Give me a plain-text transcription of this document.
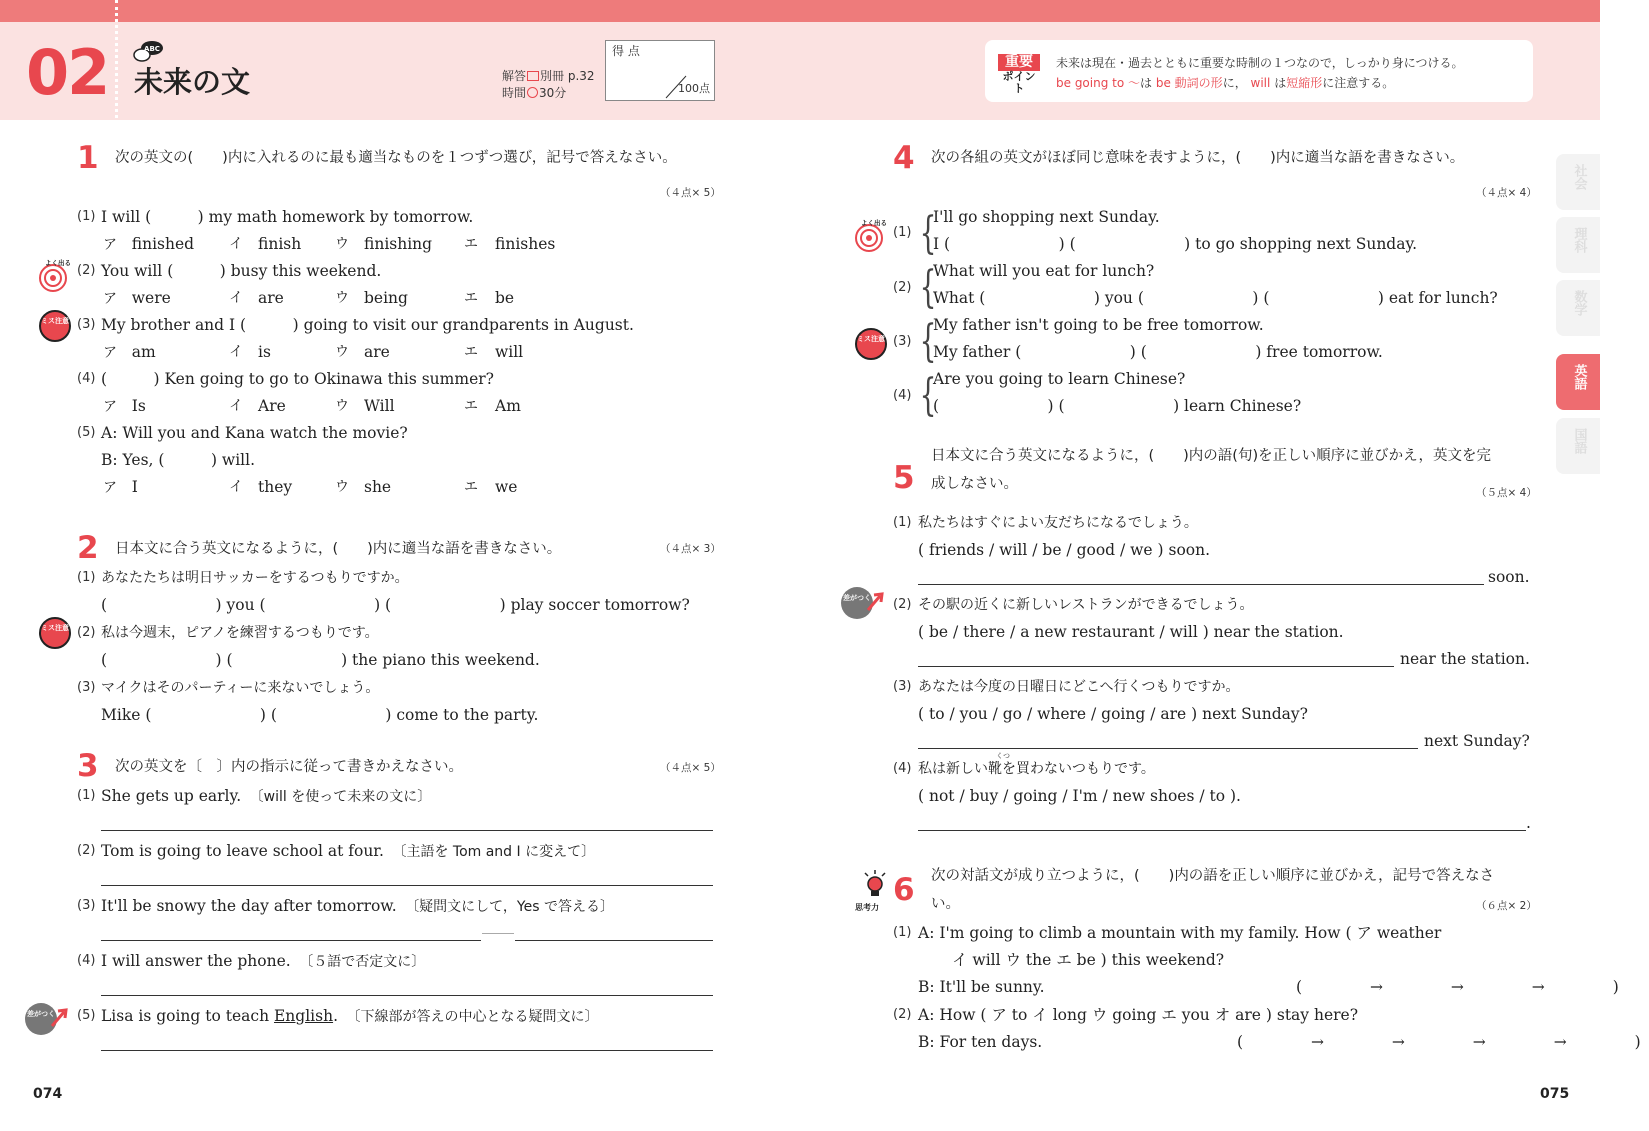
02	ABC
未来の文	解答 別冊 p.32
時間 30分
得 点
100点
重要
ポイント
未来は現在・過去とともに重要な時制の１つなので，しっかり身につける。
be going to ～は be 動詞の形に， will は短縮形に注意する。
社会
理科
数学
英語
国語
1 次の英文の(　　)内に入れるのに最も適当なものを１つずつ選び，記号で答えなさい。
（４点× 5）
よく出る
ミス注意
(1) I will (　　　) my math homework by tomorrow.
ア finished イ finish ウ finishing エ finishes
(2) You will (　　　) busy this weekend.
ア were	イ are	ウ being	エ be
(3) My brother and I (　　　) going to visit our grandparents in August.
ア am	イ is	ウ are	エ will
(4) (　　　) Ken going to go to Okinawa this summer?
ア Is	イ Are	ウ Will	エ Am
(5) A: Will you and Kana watch the movie?
B: Yes, (　　　) will.
ア I	イ they	ウ she	エ we
2 日本文に合う英文になるように，(　　)内に適当な語を書きなさい。	（４点× 3）
ミス注意
(1) あなたたちは明日サッカーをするつもりですか。
(　　　　　　　) you (　　　　　　　) (　　　　　　　) play soccer tomorrow?
(2) 私は今週末，ピアノを練習するつもりです。
(　　　　　　　) (　　　　　　　) the piano this weekend.
(3) マイクはそのパーティーに来ないでしょう。
Mike (　　　　　　　) (　　　　　　　) come to the party.
3 次の英文を〔　〕内の指示に従って書きかえなさい。	（４点× 5）
(1) She gets up early.　 〔will を使って未来の文に〕
(2) Tom is going to leave school at four.　 〔主語を Tom and I に変えて〕
(3) It'll be snowy the day after tomorrow.　 〔疑問文にして，Yes で答える〕
(4) I will answer the phone.　 〔５語で否定文に〕
差がつく (5) Lisa is going to teach English.　 〔下線部が答えの中心となる疑問文に〕
074
4 次の各組の英文がほぼ同じ意味を表すように，(　　)内に適当な語を書きなさい。
（４点× 4）
よく出る
ミス注意
(1) {
I'll go shopping next Sunday.
I (　　　　　　　) (　　　　　　　) to go shopping next Sunday.
(2) {
What will you eat for lunch?
What (　　　　　　　) you (　　　　　　　) (　　　　　　　) eat for lunch?
(3) {
My father isn't going to be free tomorrow.
My father (　　　　　　　) (　　　　　　　) free tomorrow.
(4) {
Are you going to learn Chinese?
(　　　　　　　) (　　　　　　　) learn Chinese?
5
日本文に合う英文になるように，(　　)内の語(句)を正しい順序に並びかえ，英文を完
成しなさい。
（５点× 4）
(1) 私たちはすぐによい友だちになるでしょう。
( friends / will / be / good / we ) soon.
soon.
差がつく (2) その駅の近くに新しいレストランができるでしょう。
( be / there / a new restaurant / will ) near the station.
near the station.
(3) あなたは今度の日曜日にどこへ行くつもりですか。
( to / you / go / where / going / are ) next Sunday?
next Sunday?
(4)
くつ
私は新しい靴を買わないつもりです。
( not / buy / going / I'm / new shoes / to ).
.
思考力 6 次の対話文が成り立つように，(　　)内の語を正しい順序に並びかえ，記号で答えなさ
い。	（６点× 2）
(1) A: I'm going to climb a mountain with my family. How ( ア weather
イ will ウ the エ be ) this weekend?
B: It'll be sunny.	(　　 →　　 →　　 →　　 )
(2) A: How ( ア to イ long ウ going エ you オ are ) stay here?
B: For ten days.	(　　 →　　 →　　 →　　 →　　 )
075
